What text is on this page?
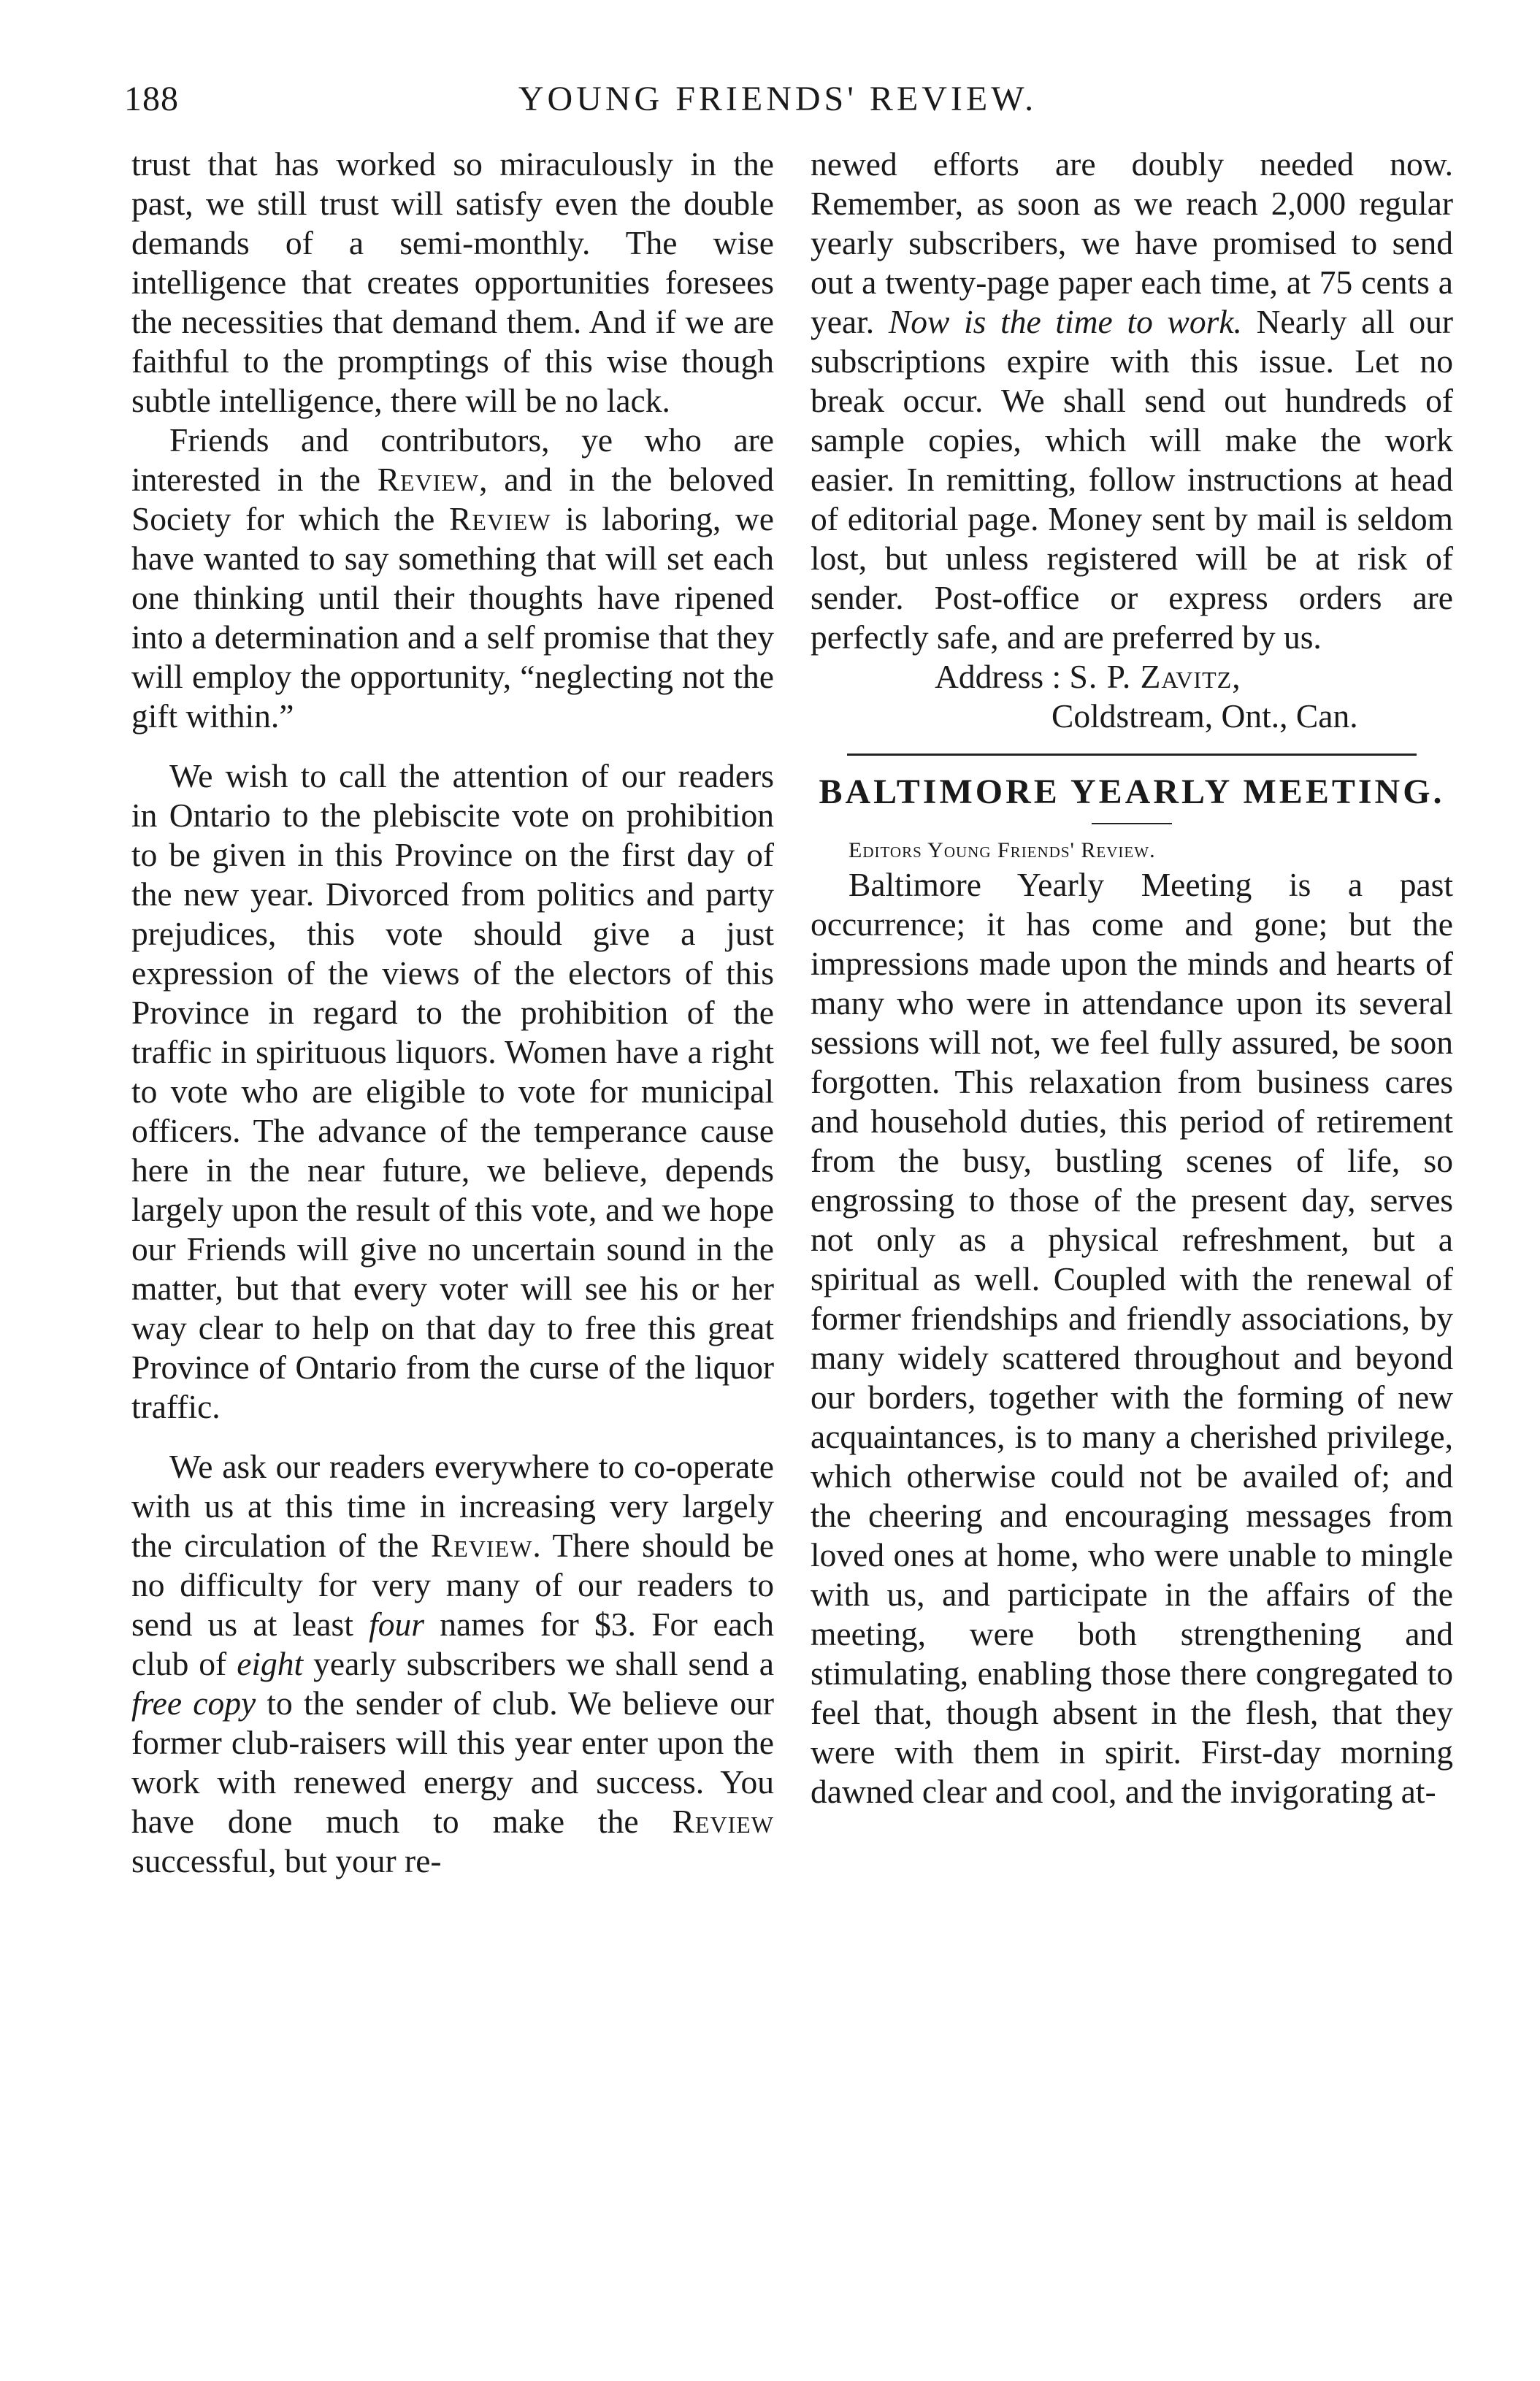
188	YOUNG FRIENDS' REVIEW.

trust that has worked so miraculously in the past, we still trust will satisfy even the double demands of a semi-monthly. The wise intelligence that creates opportunities foresees the necessities that demand them. And if we are faithful to the promptings of this wise though subtle intelligence, there will be no lack.

Friends and contributors, ye who are interested in the Review, and in the beloved Society for which the Review is laboring, we have wanted to say something that will set each one thinking until their thoughts have ripened into a determination and a self promise that they will employ the opportunity, “neglecting not the gift within.”

We wish to call the attention of our readers in Ontario to the plebiscite vote on prohibition to be given in this Province on the first day of the new year. Divorced from politics and party prejudices, this vote should give a just expression of the views of the electors of this Province in regard to the prohibition of the traffic in spirituous liquors. Women have a right to vote who are eligible to vote for municipal officers. The advance of the temperance cause here in the near future, we believe, depends largely upon the result of this vote, and we hope our Friends will give no uncertain sound in the matter, but that every voter will see his or her way clear to help on that day to free this great Province of Ontario from the curse of the liquor traffic.

We ask our readers everywhere to co-operate with us at this time in increasing very largely the circulation of the Review. There should be no difficulty for very many of our readers to send us at least four names for $3. For each club of eight yearly subscribers we shall send a free copy to the sender of club. We believe our former club-raisers will this year enter upon the work with renewed energy and success. You have done much to make the Review successful, but your re-

newed efforts are doubly needed now. Remember, as soon as we reach 2,000 regular yearly subscribers, we have promised to send out a twenty-page paper each time, at 75 cents a year. Now is the time to work. Nearly all our subscriptions expire with this issue. Let no break occur. We shall send out hundreds of sample copies, which will make the work easier. In remitting, follow instructions at head of editorial page. Money sent by mail is seldom lost, but unless registered will be at risk of sender. Post-office or express orders are perfectly safe, and are preferred by us.

Address : S. P. Zavitz,
Coldstream, Ont., Can.

BALTIMORE YEARLY MEETING.

Editors Young Friends' Review.

Baltimore Yearly Meeting is a past occurrence; it has come and gone; but the impressions made upon the minds and hearts of many who were in attendance upon its several sessions will not, we feel fully assured, be soon forgotten. This relaxation from business cares and household duties, this period of retirement from the busy, bustling scenes of life, so engrossing to those of the present day, serves not only as a physical refreshment, but a spiritual as well. Coupled with the renewal of former friendships and friendly associations, by many widely scattered throughout and beyond our borders, together with the forming of new acquaintances, is to many a cherished privilege, which otherwise could not be availed of; and the cheering and encouraging messages from loved ones at home, who were unable to mingle with us, and participate in the affairs of the meeting, were both strengthening and stimulating, enabling those there congregated to feel that, though absent in the flesh, that they were with them in spirit. First-day morning dawned clear and cool, and the invigorating at-
